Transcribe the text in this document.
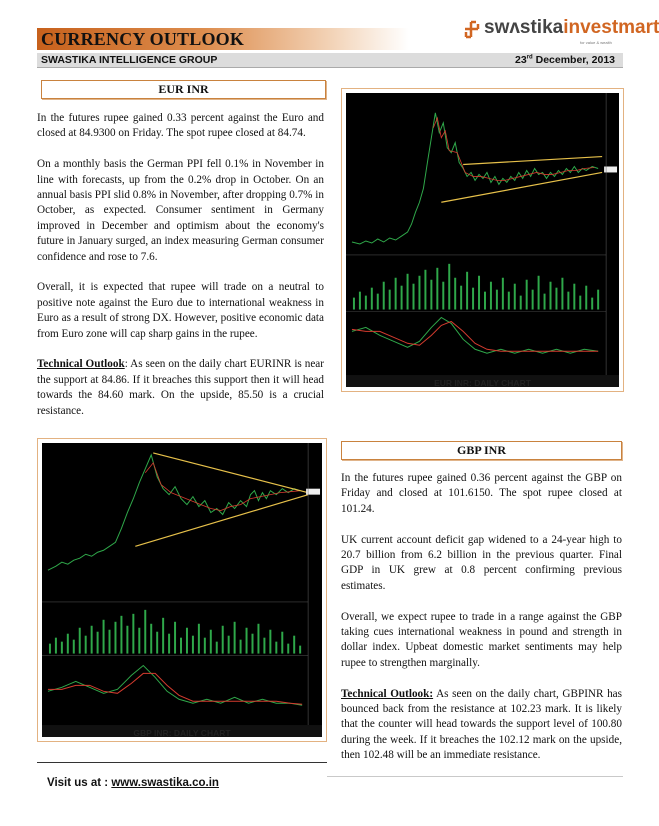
CURRENCY OUTLOOK
swʌstikainvestmart
for value & wealth
SWASTIKA INTELLIGENCE GROUP	23rd December, 2013
EUR INR

In the futures rupee gained 0.33 percent against the Euro and closed at 84.9300 on Friday. The spot rupee closed at 84.74.

On a monthly basis the German PPI fell 0.1% in November in line with forecasts, up from the 0.2% drop in October. On an annual basis PPI slid 0.8% in November, after dropping 0.7% in October, as expected. Consumer sentiment in Germany improved in December and optimism about the economy's future in January surged, an index measuring German consumer confidence and rose to 7.6.

Overall, it is expected that rupee will trade on a neutral to positive note against the Euro due to international weakness in Euro as a result of strong DX. However, positive economic data from Euro zone will cap sharp gains in the rupee.

Technical Outlook: As seen on the daily chart EURINR is near the support at 84.86. If it breaches this support then it will head towards the 84.60 mark. On the upside, 85.50 is a crucial resistance.

EUR INR: DAILY CHART
GBP INR: DAILY CHART
GBP INR

In the futures rupee gained 0.36 percent against the GBP on Friday and closed at 101.6150. The spot rupee closed at 101.24.

UK current account deficit gap widened to a 24-year high to 20.7 billion from 6.2 billion in the previous quarter. Final GDP in UK grew at 0.8 percent confirming previous estimates.

Overall, we expect rupee to trade in a range against the GBP taking cues international weakness in pound and strength in dollar index. Upbeat domestic market sentiments may help rupee to strengthen marginally.

Technical Outlook: As seen on the daily chart, GBPINR has bounced back from the resistance at 102.23 mark. It is likely that the counter will head towards the support level of 100.80 during the week. If it breaches the 102.12 mark on the upside, then 102.48 will be an immediate resistance.

Visit us at : www.swastika.co.in
